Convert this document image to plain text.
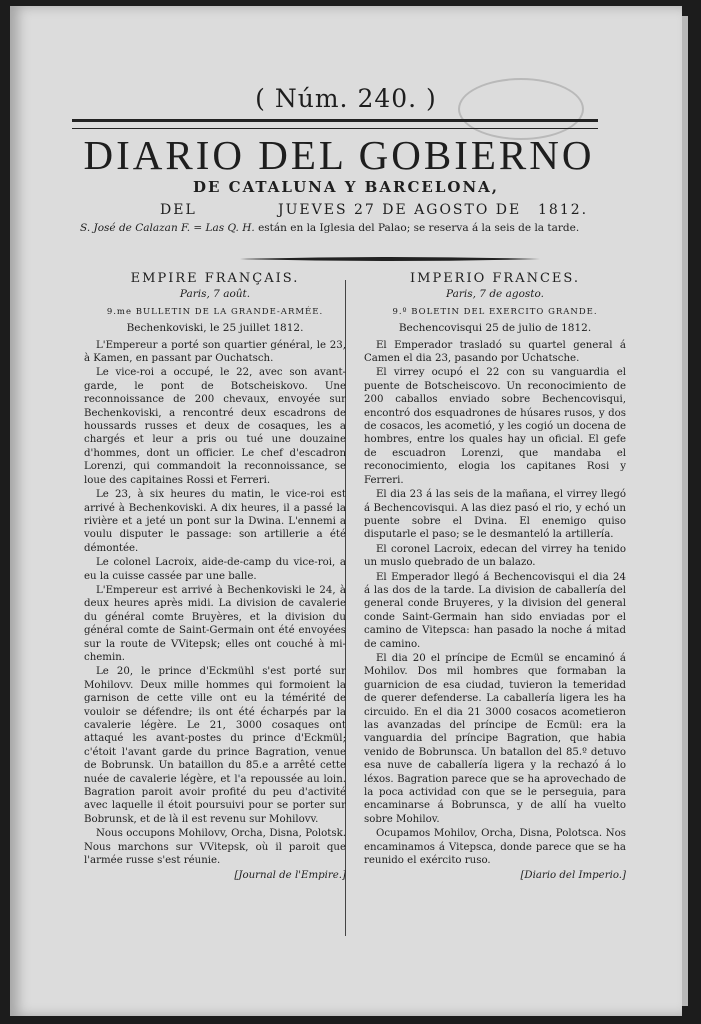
( Núm. 240. )
DIARIO DEL GOBIERNO
DE CATALUNA Y BARCELONA,
DEL	JUEVES 27 DE AGOSTO DE 1812.
S. José de Calazan F. = Las Q. H. están en la Iglesia del Palao; se reserva á la seis de la tarde.
EMPIRE FRANÇAIS.
Paris, 7 août.
9.me BULLETIN DE LA GRANDE-ARMÉE.
Bechenkoviski, le 25 juillet 1812.

L'Empereur a porté son quartier général, le 23, à Kamen, en passant par Ouchatsch.

Le vice-roi a occupé, le 22, avec son avant-garde, le pont de Botscheiskovo. Une reconnoissance de 200 chevaux, envoyée sur Bechenkoviski, a rencontré deux escadrons de houssards russes et deux de cosaques, les a chargés et leur a pris ou tué une douzaine d'hommes, dont un officier. Le chef d'escadron Lorenzi, qui commandoit la reconnoissance, se loue des capitaines Rossi et Ferreri.

Le 23, à six heures du matin, le vice-roi est arrivé à Bechenkoviski. A dix heures, il a passé la rivière et a jeté un pont sur la Dwina. L'ennemi a voulu disputer le passage: son artillerie a été démontée.

Le colonel Lacroix, aide-de-camp du vice-roi, a eu la cuisse cassée par une balle.

L'Empereur est arrivé à Bechenkoviski le 24, à deux heures après midi. La division de cavalerie du général comte Bruyères, et la division du général comte de Saint-Germain ont été envoyées sur la route de VVitepsk; elles ont couché à mi-chemin.

Le 20, le prince d'Eckmühl s'est porté sur Mohilovv. Deux mille hommes qui formoient la garnison de cette ville ont eu la témérité de vouloir se défendre; ils ont été écharpés par la cavalerie légère. Le 21, 3000 cosaques ont attaqué les avant-postes du prince d'Eckmül; c'étoit l'avant garde du prince Bagration, venue de Bobrunsk. Un bataillon du 85.e a arrêté cette nuée de cavalerie légère, et l'a repoussée au loin. Bagration paroit avoir profité du peu d'activité avec laquelle il étoit poursuivi pour se porter sur Bobrunsk, et de là il est revenu sur Mohilovv.

Nous occupons Mohilovv, Orcha, Disna, Polotsk. Nous marchons sur VVitepsk, où il paroit que l'armée russe s'est réunie.

[Journal de l'Empire.]
IMPERIO FRANCES.
Paris, 7 de agosto.
9.º BOLETIN DEL EXERCITO GRANDE.
Bechencovisqui 25 de julio de 1812.

El Emperador trasladó su quartel general á Camen el dia 23, pasando por Uchatsche.

El virrey ocupó el 22 con su vanguardia el puente de Botscheiscovo. Un reconocimiento de 200 caballos enviado sobre Bechencovisqui, encontró dos esquadrones de húsares rusos, y dos de cosacos, les acometió, y les cogió un docena de hombres, entre los quales hay un oficial. El gefe de escuadron Lorenzi, que mandaba el reconocimiento, elogia los capitanes Rosi y Ferreri.

El dia 23 á las seis de la mañana, el virrey llegó á Bechencovisqui. A las diez pasó el rio, y echó un puente sobre el Dvina. El enemigo quiso disputarle el paso; se le desmanteló la artillería.

El coronel Lacroix, edecan del virrey ha tenido un muslo quebrado de un balazo.

El Emperador llegó á Bechencovisqui el dia 24 á las dos de la tarde. La division de caballería del general conde Bruyeres, y la division del general conde Saint-Germain han sido enviadas por el camino de Vitepsca: han pasado la noche á mitad de camino.

El dia 20 el príncipe de Ecmül se encaminó á Mohilov. Dos mil hombres que formaban la guarnicion de esa ciudad, tuvieron la temeridad de querer defenderse. La caballería ligera les ha circuido. En el dia 21 3000 cosacos acometieron las avanzadas del príncipe de Ecmül: era la vanguardia del príncipe Bagration, que habia venido de Bobrunsca. Un batallon del 85.º detuvo esa nuve de caballería ligera y la rechazó á lo léxos. Bagration parece que se ha aprovechado de la poca actividad con que se le perseguia, para encaminarse á Bobrunsca, y de allí ha vuelto sobre Mohilov.

Ocupamos Mohilov, Orcha, Disna, Polotsca. Nos encaminamos á Vitepsca, donde parece que se ha reunido el exército ruso.

[Diario del Imperio.]
